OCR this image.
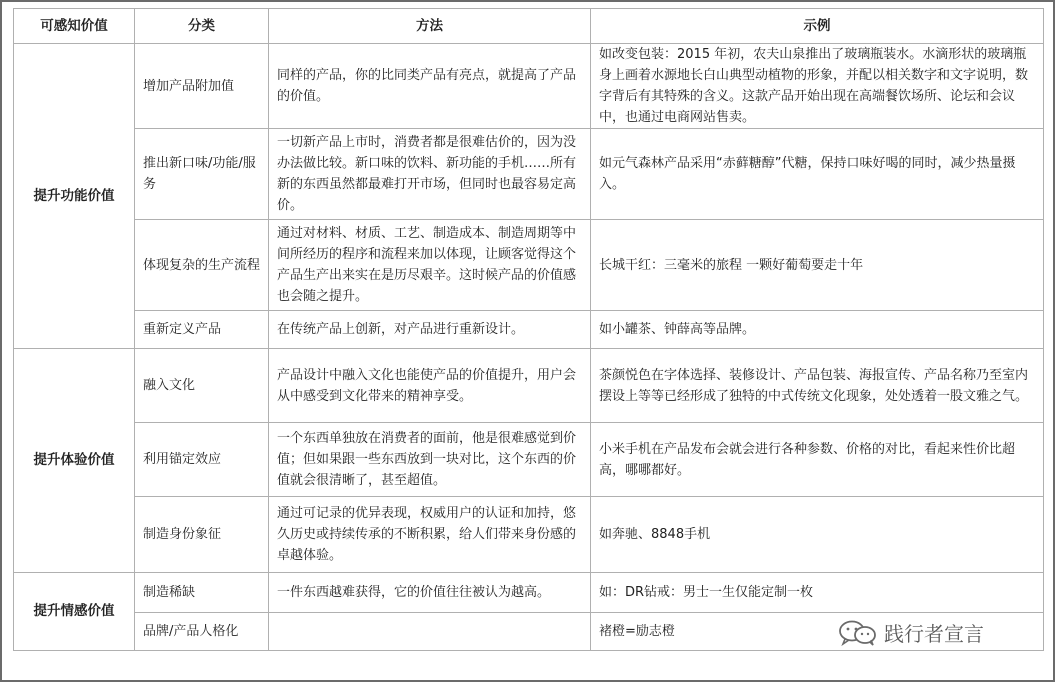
可感知价值	分类	方法	示例
提升功能价值	增加产品附加值	同样的产品，你的比同类产品有亮点，就提高了产品的价值。	如改变包装：2015 年初，农夫山泉推出了玻璃瓶装水。水滴形状的玻璃瓶身上画着水源地长白山典型动植物的形象，并配以相关数字和文字说明，数字背后有其特殊的含义。这款产品开始出现在高端餐饮场所、论坛和会议中，也通过电商网站售卖。
	推出新口味/功能/服务	一切新产品上市时，消费者都是很难估价的，因为没办法做比较。新口味的饮料、新功能的手机……所有新的东西虽然都最难打开市场，但同时也最容易定高价。	如元气森林产品采用“赤藓糖醇”代糖，保持口味好喝的同时，减少热量摄入。
	体现复杂的生产流程	通过对材料、材质、工艺、制造成本、制造周期等中间所经历的程序和流程来加以体现，让顾客觉得这个产品生产出来实在是历尽艰辛。这时候产品的价值感也会随之提升。	长城干红：三毫米的旅程 一颗好葡萄要走十年
	重新定义产品	在传统产品上创新，对产品进行重新设计。	如小罐茶、钟薛高等品牌。
提升体验价值	融入文化	产品设计中融入文化也能使产品的价值提升，用户会从中感受到文化带来的精神享受。	茶颜悦色在字体选择、装修设计、产品包装、海报宣传、产品名称乃至室内摆设上等等已经形成了独特的中式传统文化现象，处处透着一股文雅之气。
	利用锚定效应	一个东西单独放在消费者的面前，他是很难感觉到价值；但如果跟一些东西放到一块对比，这个东西的价值就会很清晰了，甚至超值。	小米手机在产品发布会就会进行各种参数、价格的对比，看起来性价比超高，哪哪都好。
	制造身份象征	通过可记录的优异表现，权威用户的认证和加持，悠久历史或持续传承的不断积累，给人们带来身份感的卓越体验。	如奔驰、8848手机
提升情感价值	制造稀缺	一件东西越难获得，它的价值往往被认为越高。	如：DR钻戒：男士一生仅能定制一枚
	品牌/产品人格化		褚橙=励志橙	践行者宣言
